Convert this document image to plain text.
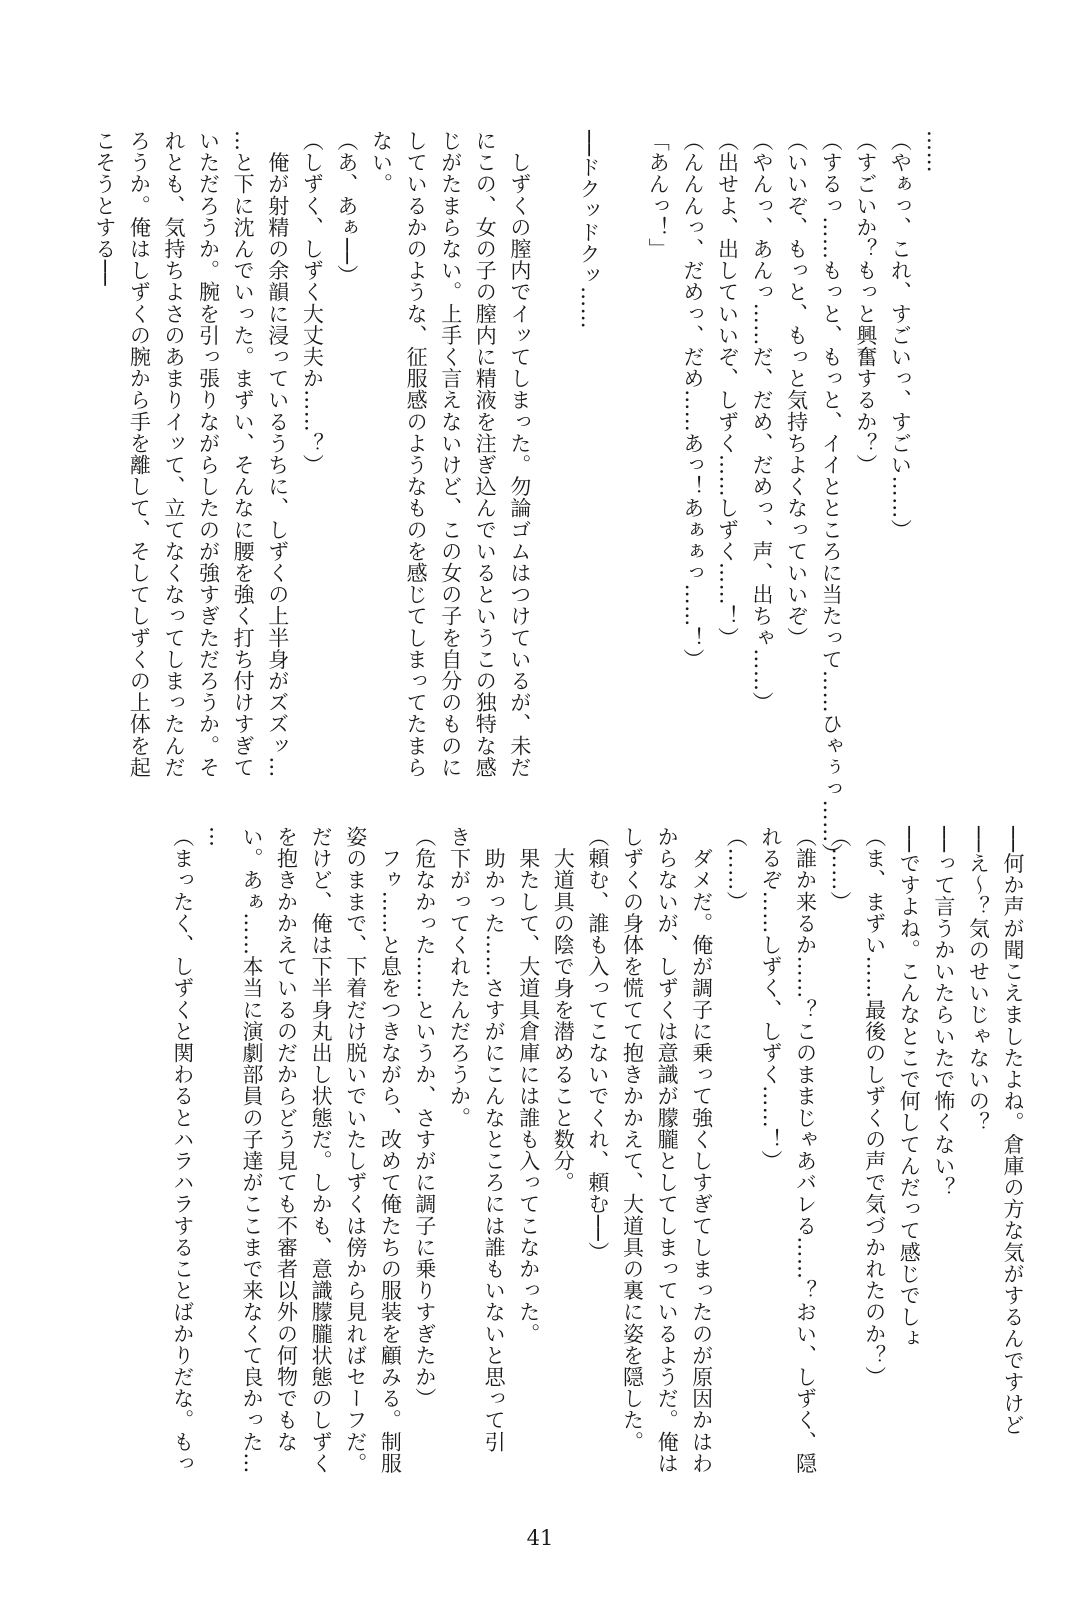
……

（やぁっ、これ、すごいっ、すごい……）

（すごいか？もっと興奮するか？）

（するっ……もっと、もっと、イイとところに当たって……ひゃぅっ……）

（いいぞ、もっと、もっと気持ちよくなっていいぞ）

（やんっ、あんっ……だ、だめ、だめっ、声、出ちゃ……）

（出せよ、出していいぞ、しずく……しずく……！）

（んんんっ、だめっ、だめ……あっ！あぁぁっ……！）

「あんっ！」

──ドクッドクッ……

　しずくの膣内でイッてしまった。勿論ゴムはつけているが、未だ

にこの、女の子の膣内に精液を注ぎ込んでいるというこの独特な感

じがたまらない。上手く言えないけど、この女の子を自分のものに

しているかのような、征服感のようなものを感じてしまってたまら

ない。

（あ、あぁ──）

（しずく、しずく大丈夫か……？）

　俺が射精の余韻に浸っているうちに、しずくの上半身がズズッ…

…と下に沈んでいった。まずい、そんなに腰を強く打ち付けすぎて

いただろうか。腕を引っ張りながらしたのが強すぎただろうか。そ

れとも、気持ちよさのあまりイッて、立てなくなってしまったんだ

ろうか。俺はしずくの腕から手を離して、そしてしずくの上体を起

こそうとする──

──何か声が聞こえましたよね。倉庫の方な気がするんですけど

──え〜？気のせいじゃないの？

──って言うかいたらいたで怖くない？

──ですよね。こんなとこで何してんだって感じでしょ

（ま、まずい……最後のしずくの声で気づかれたのか？）

（……）

（誰か来るか……？このままじゃあバレる……？おい、しずく、隠

れるぞ……しずく、しずく……！）

（……）

　ダメだ。俺が調子に乗って強くしすぎてしまったのが原因かはわ

からないが、しずくは意識が朦朧としてしまっているようだ。俺は

しずくの身体を慌てて抱きかかえて、大道具の裏に姿を隠した。

（頼む、誰も入ってこないでくれ、頼む──）

　大道具の陰で身を潜めること数分。

　果たして、大道具倉庫には誰も入ってこなかった。

　助かった……さすがにこんなところには誰もいないと思って引

き下がってくれたんだろうか。

（危なかった……というか、さすがに調子に乗りすぎたか）

　フゥ……と息をつきながら、改めて俺たちの服装を顧みる。制服

姿のままで、下着だけ脱いでいたしずくは傍から見ればセーフだ。

だけど、俺は下半身丸出し状態だ。しかも、意識朦朧状態のしずく

を抱きかかえているのだからどう見ても不審者以外の何物でもな

い。あぁ……本当に演劇部員の子達がここまで来なくて良かった…

…

（まったく、しずくと関わるとハラハラすることばかりだな。もっ

41
